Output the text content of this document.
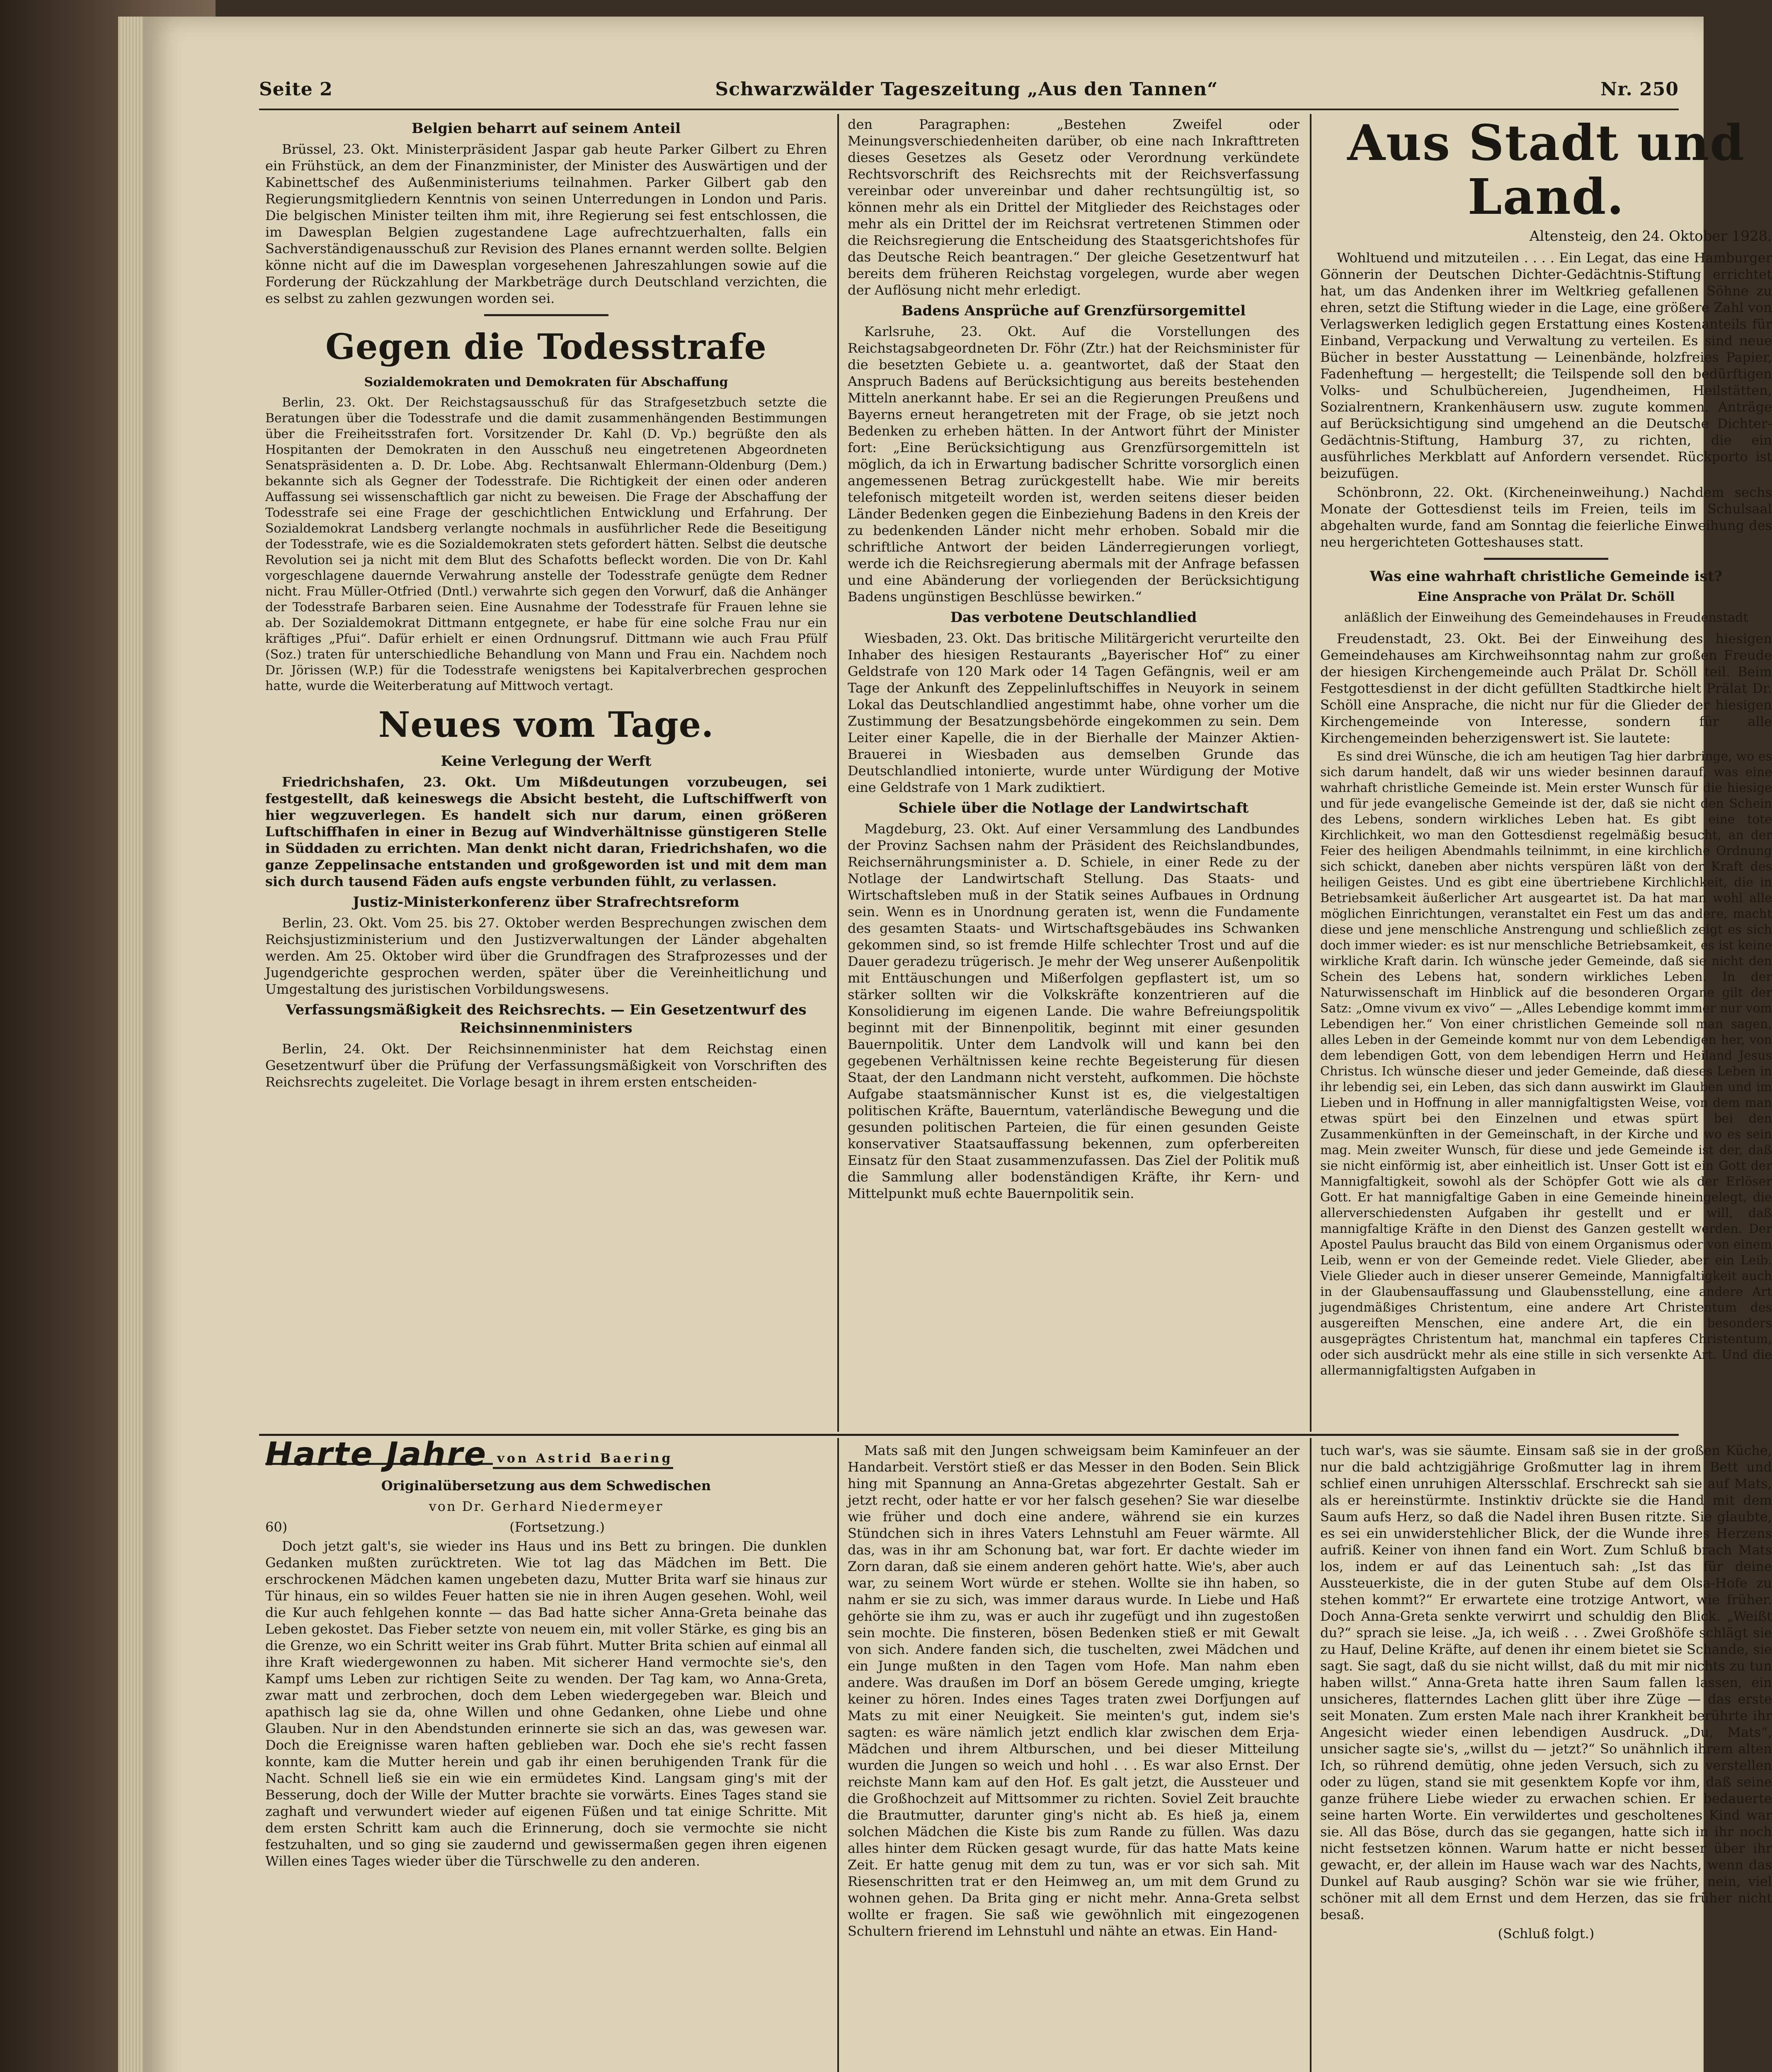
Seite 2	Schwarzwälder Tageszeitung „Aus den Tannen“	Nr. 250
Belgien beharrt auf seinem Anteil

Brüssel, 23. Okt. Ministerpräsident Jaspar gab heute Parker Gilbert zu Ehren ein Frühstück, an dem der Finanzminister, der Minister des Auswärtigen und der Kabinettschef des Außenministeriums teilnahmen. Parker Gilbert gab den Regierungsmitgliedern Kenntnis von seinen Unterredungen in London und Paris. Die belgischen Minister teilten ihm mit, ihre Regierung sei fest entschlossen, die im Dawesplan Belgien zugestandene Lage aufrechtzuerhalten, falls ein Sachverständigenausschuß zur Revision des Planes ernannt werden sollte. Belgien könne nicht auf die im Dawesplan vorgesehenen Jahreszahlungen sowie auf die Forderung der Rückzahlung der Markbeträge durch Deutschland verzichten, die es selbst zu zahlen gezwungen worden sei.

Gegen die Todesstrafe
Sozialdemokraten und Demokraten für Abschaffung

Berlin, 23. Okt. Der Reichstagsausschuß für das Strafgesetzbuch setzte die Beratungen über die Todesstrafe und die damit zusammenhängenden Bestimmungen über die Freiheitsstrafen fort. Vorsitzender Dr. Kahl (D. Vp.) begrüßte den als Hospitanten der Demokraten in den Ausschuß neu eingetretenen Abgeordneten Senatspräsidenten a. D. Dr. Lobe. Abg. Rechtsanwalt Ehlermann-Oldenburg (Dem.) bekannte sich als Gegner der Todesstrafe. Die Richtigkeit der einen oder anderen Auffassung sei wissenschaftlich gar nicht zu beweisen. Die Frage der Abschaffung der Todesstrafe sei eine Frage der geschichtlichen Entwicklung und Erfahrung. Der Sozialdemokrat Landsberg verlangte nochmals in ausführlicher Rede die Beseitigung der Todesstrafe, wie es die Sozialdemokraten stets gefordert hätten. Selbst die deutsche Revolution sei ja nicht mit dem Blut des Schafotts befleckt worden. Die von Dr. Kahl vorgeschlagene dauernde Verwahrung anstelle der Todesstrafe genügte dem Redner nicht. Frau Müller-Otfried (Dntl.) verwahrte sich gegen den Vorwurf, daß die Anhänger der Todesstrafe Barbaren seien. Eine Ausnahme der Todesstrafe für Frauen lehne sie ab. Der Sozialdemokrat Dittmann entgegnete, er habe für eine solche Frau nur ein kräftiges „Pfui“. Dafür erhielt er einen Ordnungsruf. Dittmann wie auch Frau Pfülf (Soz.) traten für unterschiedliche Behandlung von Mann und Frau ein. Nachdem noch Dr. Jörissen (W.P.) für die Todesstrafe wenigstens bei Kapitalverbrechen gesprochen hatte, wurde die Weiterberatung auf Mittwoch vertagt.

Neues vom Tage.
Keine Verlegung der Werft

Friedrichshafen, 23. Okt. Um Mißdeutungen vorzubeugen, sei festgestellt, daß keineswegs die Absicht besteht, die Luftschiffwerft von hier wegzuverlegen. Es handelt sich nur darum, einen größeren Luftschiffhafen in einer in Bezug auf Windverhältnisse günstigeren Stelle in Süddaden zu errichten. Man denkt nicht daran, Friedrichshafen, wo die ganze Zeppelinsache entstanden und großgeworden ist und mit dem man sich durch tausend Fäden aufs engste verbunden fühlt, zu verlassen.

Justiz-Ministerkonferenz über Strafrechtsreform

Berlin, 23. Okt. Vom 25. bis 27. Oktober werden Besprechungen zwischen dem Reichsjustizministerium und den Justizverwaltungen der Länder abgehalten werden. Am 25. Oktober wird über die Grundfragen des Strafprozesses und der Jugendgerichte gesprochen werden, später über die Vereinheitlichung und Umgestaltung des juristischen Vorbildungswesens.

Verfassungsmäßigkeit des Reichsrechts. — Ein Gesetzentwurf des Reichsinnenministers

Berlin, 24. Okt. Der Reichsinnenminister hat dem Reichstag einen Gesetzentwurf über die Prüfung der Verfassungsmäßigkeit von Vorschriften des Reichsrechts zugeleitet. Die Vorlage besagt in ihrem ersten entscheiden-

den Paragraphen: „Bestehen Zweifel oder Meinungsverschiedenheiten darüber, ob eine nach Inkrafttreten dieses Gesetzes als Gesetz oder Verordnung verkündete Rechtsvorschrift des Reichsrechts mit der Reichsverfassung vereinbar oder unvereinbar und daher rechtsungültig ist, so können mehr als ein Drittel der Mitglieder des Reichstages oder mehr als ein Drittel der im Reichsrat vertretenen Stimmen oder die Reichsregierung die Entscheidung des Staatsgerichtshofes für das Deutsche Reich beantragen.“ Der gleiche Gesetzentwurf hat bereits dem früheren Reichstag vorgelegen, wurde aber wegen der Auflösung nicht mehr erledigt.

Badens Ansprüche auf Grenzfürsorgemittel

Karlsruhe, 23. Okt. Auf die Vorstellungen des Reichstagsabgeordneten Dr. Föhr (Ztr.) hat der Reichsminister für die besetzten Gebiete u. a. geantwortet, daß der Staat den Anspruch Badens auf Berücksichtigung aus bereits bestehenden Mitteln anerkannt habe. Er sei an die Regierungen Preußens und Bayerns erneut herangetreten mit der Frage, ob sie jetzt noch Bedenken zu erheben hätten. In der Antwort führt der Minister fort: „Eine Berücksichtigung aus Grenzfürsorgemitteln ist möglich, da ich in Erwartung badischer Schritte vorsorglich einen angemessenen Betrag zurückgestellt habe. Wie mir bereits telefonisch mitgeteilt worden ist, werden seitens dieser beiden Länder Bedenken gegen die Einbeziehung Badens in den Kreis der zu bedenkenden Länder nicht mehr erhoben. Sobald mir die schriftliche Antwort der beiden Länderregierungen vorliegt, werde ich die Reichsregierung abermals mit der Anfrage befassen und eine Abänderung der vorliegenden der Berücksichtigung Badens ungünstigen Beschlüsse bewirken.“

Das verbotene Deutschlandlied

Wiesbaden, 23. Okt. Das britische Militärgericht verurteilte den Inhaber des hiesigen Restaurants „Bayerischer Hof“ zu einer Geldstrafe von 120 Mark oder 14 Tagen Gefängnis, weil er am Tage der Ankunft des Zeppelinluftschiffes in Neuyork in seinem Lokal das Deutschlandlied angestimmt habe, ohne vorher um die Zustimmung der Besatzungsbehörde eingekommen zu sein. Dem Leiter einer Kapelle, die in der Bierhalle der Mainzer Aktien-Brauerei in Wiesbaden aus demselben Grunde das Deutschlandlied intonierte, wurde unter Würdigung der Motive eine Geldstrafe von 1 Mark zudiktiert.

Schiele über die Notlage der Landwirtschaft

Magdeburg, 23. Okt. Auf einer Versammlung des Landbundes der Provinz Sachsen nahm der Präsident des Reichslandbundes, Reichsernährungsminister a. D. Schiele, in einer Rede zu der Notlage der Landwirtschaft Stellung. Das Staats- und Wirtschaftsleben muß in der Statik seines Aufbaues in Ordnung sein. Wenn es in Unordnung geraten ist, wenn die Fundamente des gesamten Staats- und Wirtschaftsgebäudes ins Schwanken gekommen sind, so ist fremde Hilfe schlechter Trost und auf die Dauer geradezu trügerisch. Je mehr der Weg unserer Außenpolitik mit Enttäuschungen und Mißerfolgen gepflastert ist, um so stärker sollten wir die Volkskräfte konzentrieren auf die Konsolidierung im eigenen Lande. Die wahre Befreiungspolitik beginnt mit der Binnenpolitik, beginnt mit einer gesunden Bauernpolitik. Unter dem Landvolk will und kann bei den gegebenen Verhältnissen keine rechte Begeisterung für diesen Staat, der den Landmann nicht versteht, aufkommen. Die höchste Aufgabe staatsmännischer Kunst ist es, die vielgestaltigen politischen Kräfte, Bauerntum, vaterländische Bewegung und die gesunden politischen Parteien, die für einen gesunden Geiste konservativer Staatsauffassung bekennen, zum opferbereiten Einsatz für den Staat zusammenzufassen. Das Ziel der Politik muß die Sammlung aller bodenständigen Kräfte, ihr Kern- und Mittelpunkt muß echte Bauernpolitik sein.

Aus Stadt und Land.
Altensteig, den 24. Oktober 1928.

Wohltuend und mitzuteilen . . . . Ein Legat, das eine Hamburger Gönnerin der Deutschen Dichter-Gedächtnis-Stiftung errichtet hat, um das Andenken ihrer im Weltkrieg gefallenen Söhne zu ehren, setzt die Stiftung wieder in die Lage, eine größere Zahl von Verlagswerken lediglich gegen Erstattung eines Kostenanteils für Einband, Verpackung und Verwaltung zu verteilen. Es sind neue Bücher in bester Ausstattung — Leinenbände, holzfreies Papier, Fadenheftung — hergestellt; die Teilspende soll den bedürftigen Volks- und Schulbüchereien, Jugendheimen, Heilstätten, Sozialrentnern, Krankenhäusern usw. zugute kommen. Anträge auf Berücksichtigung sind umgehend an die Deutsche Dichter-Gedächtnis-Stiftung, Hamburg 37, zu richten, die ein ausführliches Merkblatt auf Anfordern versendet. Rückporto ist beizufügen.

Schönbronn, 22. Okt. (Kircheneinweihung.) Nachdem sechs Monate der Gottesdienst teils im Freien, teils im Schulsaal abgehalten wurde, fand am Sonntag die feierliche Einweihung des neu hergerichteten Gotteshauses statt.

Was eine wahrhaft christliche Gemeinde ist?
Eine Ansprache von Prälat Dr. Schöll
anläßlich der Einweihung des Gemeindehauses in Freudenstadt

Freudenstadt, 23. Okt. Bei der Einweihung des hiesigen Gemeindehauses am Kirchweihsonntag nahm zur großen Freude der hiesigen Kirchengemeinde auch Prälat Dr. Schöll teil. Beim Festgottesdienst in der dicht gefüllten Stadtkirche hielt Prälat Dr. Schöll eine Ansprache, die nicht nur für die Glieder der hiesigen Kirchengemeinde von Interesse, sondern für alle Kirchengemeinden beherzigenswert ist. Sie lautete:

Es sind drei Wünsche, die ich am heutigen Tag hier darbringe, wo es sich darum handelt, daß wir uns wieder besinnen darauf, was eine wahrhaft christliche Gemeinde ist. Mein erster Wunsch für die hiesige und für jede evangelische Gemeinde ist der, daß sie nicht den Schein des Lebens, sondern wirkliches Leben hat. Es gibt eine tote Kirchlichkeit, wo man den Gottesdienst regelmäßig besucht, an der Feier des heiligen Abendmahls teilnimmt, in eine kirchliche Ordnung sich schickt, daneben aber nichts verspüren läßt von der Kraft des heiligen Geistes. Und es gibt eine übertriebene Kirchlichkeit, die in Betriebsamkeit äußerlicher Art ausgeartet ist. Da hat man wohl alle möglichen Einrichtungen, veranstaltet ein Fest um das andere, macht diese und jene menschliche Anstrengung und schließlich zeigt es sich doch immer wieder: es ist nur menschliche Betriebsamkeit, es ist keine wirkliche Kraft darin. Ich wünsche jeder Gemeinde, daß sie nicht den Schein des Lebens hat, sondern wirkliches Leben. In der Naturwissenschaft im Hinblick auf die besonderen Organe gilt der Satz: „Omne vivum ex vivo“ — „Alles Lebendige kommt immer nur vom Lebendigen her.“ Von einer christlichen Gemeinde soll man sagen, alles Leben in der Gemeinde kommt nur von dem Lebendigen her, von dem lebendigen Gott, von dem lebendigen Herrn und Heiland Jesus Christus. Ich wünsche dieser und jeder Gemeinde, daß dieses Leben in ihr lebendig sei, ein Leben, das sich dann auswirkt im Glauben und im Lieben und in Hoffnung in aller mannigfaltigsten Weise, von dem man etwas spürt bei den Einzelnen und etwas spürt bei den Zusammenkünften in der Gemeinschaft, in der Kirche und wo es sein mag. Mein zweiter Wunsch, für diese und jede Gemeinde ist der, daß sie nicht einförmig ist, aber einheitlich ist. Unser Gott ist ein Gott der Mannigfaltigkeit, sowohl als der Schöpfer Gott wie als der Erlöser Gott. Er hat mannigfaltige Gaben in eine Gemeinde hineingelegt, die allerverschiedensten Aufgaben ihr gestellt und er will, daß mannigfaltige Kräfte in den Dienst des Ganzen gestellt werden. Der Apostel Paulus braucht das Bild von einem Organismus oder von einem Leib, wenn er von der Gemeinde redet. Viele Glieder, aber ein Leib. Viele Glieder auch in dieser unserer Gemeinde, Mannigfaltigkeit auch in der Glaubensauffassung und Glaubensstellung, eine andere Art jugendmäßiges Christentum, eine andere Art Christentum des ausgereiften Menschen, eine andere Art, die ein besonders ausgeprägtes Christentum hat, manchmal ein tapferes Christentum, oder sich ausdrückt mehr als eine stille in sich versenkte Art. Und die allermannigfaltigsten Aufgaben in

Harte Jahre von Astrid Baering
Originalübersetzung aus dem Schwedischen
von Dr. Gerhard Niedermeyer
60)	(Fortsetzung.)

Doch jetzt galt's, sie wieder ins Haus und ins Bett zu bringen. Die dunklen Gedanken mußten zurücktreten. Wie tot lag das Mädchen im Bett. Die erschrockenen Mädchen kamen ungebeten dazu, Mutter Brita warf sie hinaus zur Tür hinaus, ein so wildes Feuer hatten sie nie in ihren Augen gesehen. Wohl, weil die Kur auch fehlgehen konnte — das Bad hatte sicher Anna-Greta beinahe das Leben gekostet. Das Fieber setzte von neuem ein, mit voller Stärke, es ging bis an die Grenze, wo ein Schritt weiter ins Grab führt. Mutter Brita schien auf einmal all ihre Kraft wiedergewonnen zu haben. Mit sicherer Hand vermochte sie's, den Kampf ums Leben zur richtigen Seite zu wenden. Der Tag kam, wo Anna-Greta, zwar matt und zerbrochen, doch dem Leben wiedergegeben war. Bleich und apathisch lag sie da, ohne Willen und ohne Gedanken, ohne Liebe und ohne Glauben. Nur in den Abendstunden erinnerte sie sich an das, was gewesen war. Doch die Ereignisse waren haften geblieben war. Doch ehe sie's recht fassen konnte, kam die Mutter herein und gab ihr einen beruhigenden Trank für die Nacht. Schnell ließ sie ein wie ein ermüdetes Kind. Langsam ging's mit der Besserung, doch der Wille der Mutter brachte sie vorwärts. Eines Tages stand sie zaghaft und verwundert wieder auf eigenen Füßen und tat einige Schritte. Mit dem ersten Schritt kam auch die Erinnerung, doch sie vermochte sie nicht festzuhalten, und so ging sie zaudernd und gewissermaßen gegen ihren eigenen Willen eines Tages wieder über die Türschwelle zu den anderen.

Mats saß mit den Jungen schweigsam beim Kaminfeuer an der Handarbeit. Verstört stieß er das Messer in den Boden. Sein Blick hing mit Spannung an Anna-Gretas abgezehrter Gestalt. Sah er jetzt recht, oder hatte er vor her falsch gesehen? Sie war dieselbe wie früher und doch eine andere, während sie ein kurzes Stündchen sich in ihres Vaters Lehnstuhl am Feuer wärmte. All das, was in ihr am Schonung bat, war fort. Er dachte wieder im Zorn daran, daß sie einem anderen gehört hatte. Wie's, aber auch war, zu seinem Wort würde er stehen. Wollte sie ihn haben, so nahm er sie zu sich, was immer daraus wurde. In Liebe und Haß gehörte sie ihm zu, was er auch ihr zugefügt und ihn zugestoßen sein mochte. Die finsteren, bösen Bedenken stieß er mit Gewalt von sich. Andere fanden sich, die tuschelten, zwei Mädchen und ein Junge mußten in den Tagen vom Hofe. Man nahm eben andere. Was draußen im Dorf an bösem Gerede umging, kriegte keiner zu hören. Indes eines Tages traten zwei Dorfjungen auf Mats zu mit einer Neuigkeit. Sie meinten's gut, indem sie's sagten: es wäre nämlich jetzt endlich klar zwischen dem Erja-Mädchen und ihrem Altburschen, und bei dieser Mitteilung wurden die Jungen so weich und hohl . . . Es war also Ernst. Der reichste Mann kam auf den Hof. Es galt jetzt, die Aussteuer und die Großhochzeit auf Mittsommer zu richten. Soviel Zeit brauchte die Brautmutter, darunter ging's nicht ab. Es hieß ja, einem solchen Mädchen die Kiste bis zum Rande zu füllen. Was dazu alles hinter dem Rücken gesagt wurde, für das hatte Mats keine Zeit. Er hatte genug mit dem zu tun, was er vor sich sah. Mit Riesenschritten trat er den Heimweg an, um mit dem Grund zu wohnen gehen. Da Brita ging er nicht mehr. Anna-Greta selbst wollte er fragen. Sie saß wie gewöhnlich mit eingezogenen Schultern frierend im Lehnstuhl und nähte an etwas. Ein Hand-

tuch war's, was sie säumte. Einsam saß sie in der großen Küche, nur die bald achtzigjährige Großmutter lag in ihrem Bett und schlief einen unruhigen Altersschlaf. Erschreckt sah sie auf Mats, als er hereinstürmte. Instinktiv drückte sie die Hand mit dem Saum aufs Herz, so daß die Nadel ihren Busen ritzte. Sie glaubte, es sei ein unwiderstehlicher Blick, der die Wunde ihres Herzens aufriß. Keiner von ihnen fand ein Wort. Zum Schluß brach Mats los, indem er auf das Leinentuch sah: „Ist das für deine Aussteuerkiste, die in der guten Stube auf dem Olsa-Hofe zu stehen kommt?“ Er erwartete eine trotzige Antwort, wie früher. Doch Anna-Greta senkte verwirrt und schuldig den Blick. „Weißt du?“ sprach sie leise. „Ja, ich weiß . . . Zwei Großhöfe schlägt sie zu Hauf, Deline Kräfte, auf denen ihr einem bietet sie Schande, sie sagt. Sie sagt, daß du sie nicht willst, daß du mit mir nichts zu tun haben willst.“ Anna-Greta hatte ihren Saum fallen lassen, ein unsicheres, flatterndes Lachen glitt über ihre Züge — das erste seit Monaten. Zum ersten Male nach ihrer Krankheit berührte ihr Angesicht wieder einen lebendigen Ausdruck. „Du, Mats“, unsicher sagte sie's, „willst du — jetzt?“ So unähnlich ihrem alten Ich, so rührend demütig, ohne jeden Versuch, sich zu verstellen oder zu lügen, stand sie mit gesenktem Kopfe vor ihm, daß seine ganze frühere Liebe wieder zu erwachen schien. Er bedauerte seine harten Worte. Ein verwildertes und gescholtenes Kind war sie. All das Böse, durch das sie gegangen, hatte sich in ihr noch nicht festsetzen können. Warum hatte er nicht besser über ihr gewacht, er, der allein im Hause wach war des Nachts, wenn das Dunkel auf Raub ausging? Schön war sie wie früher, nein, viel schöner mit all dem Ernst und dem Herzen, das sie früher nicht besaß.

(Schluß folgt.)
